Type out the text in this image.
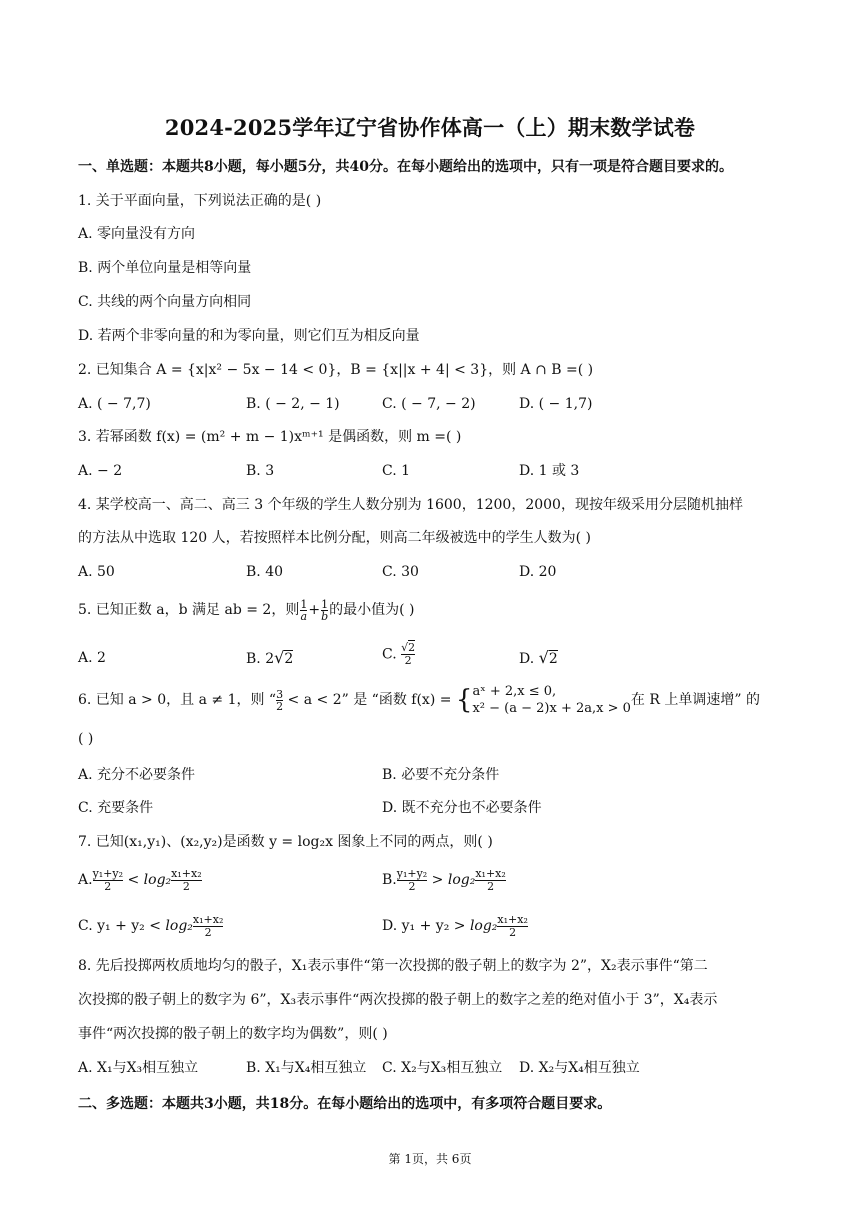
2024-2025学年辽宁省协作体高一（上）期末数学试卷
一、单选题：本题共8小题，每小题5分，共40分。在每小题给出的选项中，只有一项是符合题目要求的。
1. 关于平面向量，下列说法正确的是( )
A. 零向量没有方向
B. 两个单位向量是相等向量
C. 共线的两个向量方向相同
D. 若两个非零向量的和为零向量，则它们互为相反向量
2. 已知集合 A = {x|x² − 5x − 14 < 0}，B = {x||x + 4| < 3}，则 A ∩ B =( )
A. ( − 7,7)	B. ( − 2, − 1)	C. ( − 7, − 2)	D. ( − 1,7)
3. 若幂函数 f(x) = (m² + m − 1)xᵐ⁺¹ 是偶函数，则 m =( )
A. − 2	B. 3	C. 1	D. 1 或 3
4. 某学校高一、高二、高三 3 个年级的学生人数分别为 1600，1200，2000，现按年级采用分层随机抽样
的方法从中选取 120 人，若按照样本比例分配，则高二年级被选中的学生人数为( )
A. 50	B. 40	C. 30	D. 20
5. 已知正数 a，b 满足 ab = 2，则 $\frac{1}{a} + \frac{1}{b}$ 的最小值为( )
A. 2	B. 2√2	C. $\frac{√2}{2}$	D. √2
6. 已知 a > 0，且 a ≠ 1，则 “ $\frac{3}{2} < a < 2$” 是 “函数 f(x) = { aˣ + 2,x ≤ 0,
x² − (a − 2)x + 2a,x > 0
在 R 上单调速增” 的
( )
A. 充分不必要条件	B. 必要不充分条件
C. 充要条件	D. 既不充分也不必要条件
7. 已知(x₁,y₁)、(x₂,y₂)是函数 y = log₂x 图象上不同的两点，则( )
A. $\frac{\text{y₁+y₂}}{2} < \log_2 \frac{\text{x₁+x₂}}{2}$	B. $\frac{\text{y₁+y₂}}{2} > \log_2 \frac{\text{x₁+x₂}}{2}$
C. $y_1 + y_2 < \log_2 \frac{\text{x₁+x₂}}{2}$	D. $y_1 + y_2 > \log_2 \frac{\text{x₁+x₂}}{2}$
8. 先后投掷两枚质地均匀的骰子，X₁表示事件“第一次投掷的骰子朝上的数字为 2”，X₂表示事件“第二
次投掷的骰子朝上的数字为 6”，X₃表示事件“两次投掷的骰子朝上的数字之差的绝对值小于 3”，X₄表示
事件“两次投掷的骰子朝上的数字均为偶数”，则( )
A. X₁与X₃相互独立	B. X₁与X₄相互独立 C. X₂与X₃相互独立 D. X₂与X₄相互独立
二、多选题：本题共3小题，共18分。在每小题给出的选项中，有多项符合题目要求。
第 1页，共 6页
